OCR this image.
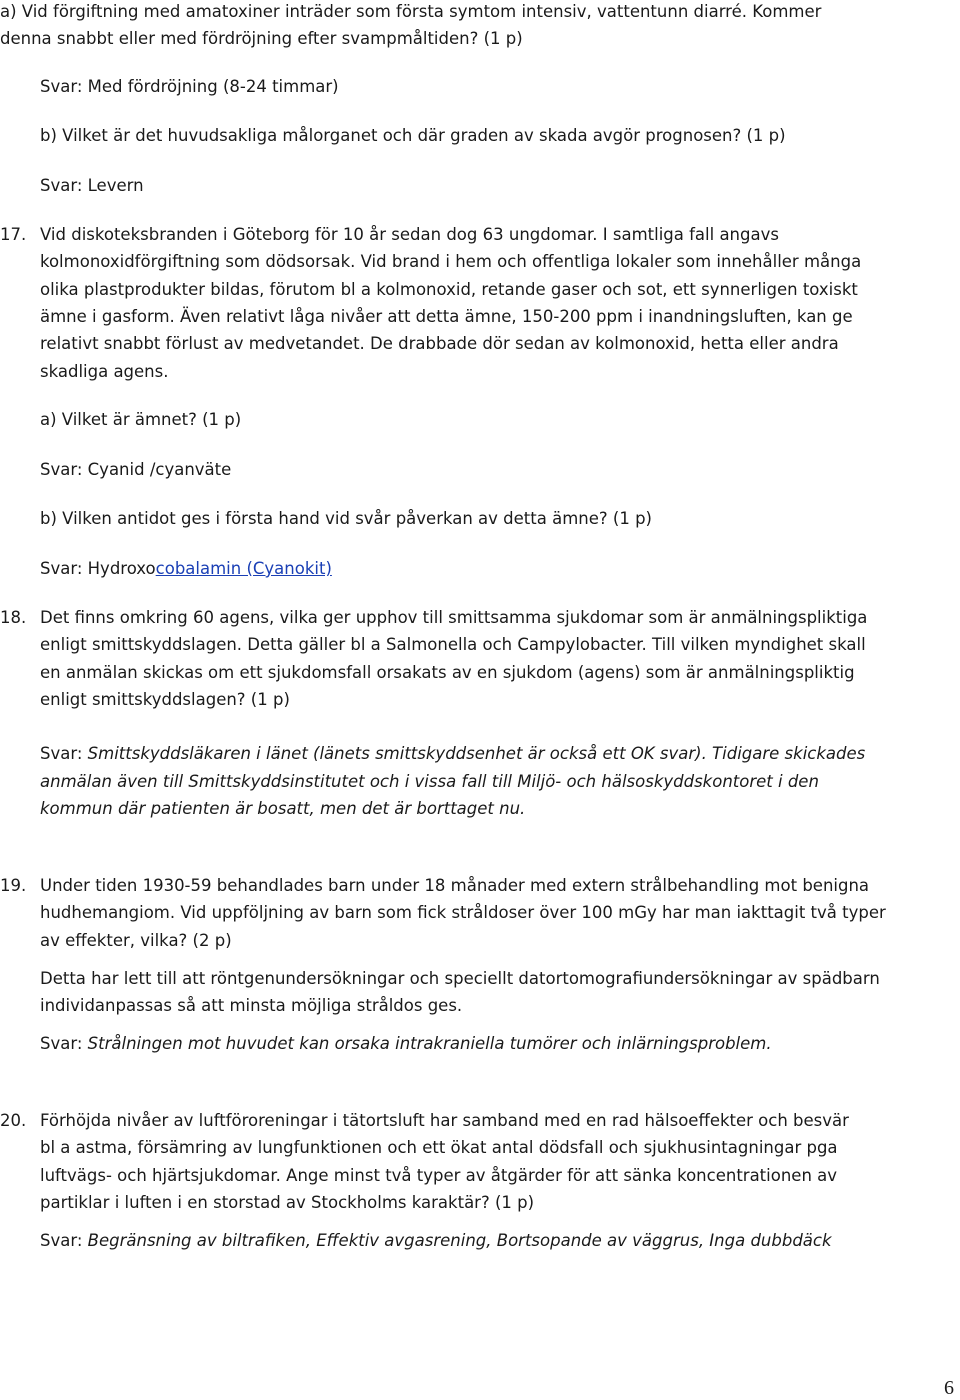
a) Vid förgiftning med amatoxiner inträder som första symtom intensiv, vattentunn diarré. Kommer
denna snabbt eller med fördröjning efter svampmåltiden? (1 p)
Svar: Med fördröjning (8-24 timmar)
b) Vilket är det huvudsakliga målorganet och där graden av skada avgör prognosen? (1 p)
Svar: Levern
17. Vid diskoteksbranden i Göteborg för 10 år sedan dog 63 ungdomar. I samtliga fall angavs
kolmonoxidförgiftning som dödsorsak. Vid brand i hem och offentliga lokaler som innehåller många
olika plastprodukter bildas, förutom bl a kolmonoxid, retande gaser och sot, ett synnerligen toxiskt
ämne i gasform. Även relativt låga nivåer att detta ämne, 150-200 ppm i inandningsluften, kan ge
relativt snabbt förlust av medvetandet. De drabbade dör sedan av kolmonoxid, hetta eller andra
skadliga agens.
a) Vilket är ämnet? (1 p)
Svar: Cyanid /cyanväte
b) Vilken antidot ges i första hand vid svår påverkan av detta ämne? (1 p)
Svar: Hydroxocobalamin (Cyanokit)
18. Det finns omkring 60 agens, vilka ger upphov till smittsamma sjukdomar som är anmälningspliktiga
enligt smittskyddslagen. Detta gäller bl a Salmonella och Campylobacter. Till vilken myndighet skall
en anmälan skickas om ett sjukdomsfall orsakats av en sjukdom (agens) som är anmälningspliktig
enligt smittskyddslagen? (1 p)
Svar: Smittskyddsläkaren i länet (länets smittskyddsenhet är också ett OK svar). Tidigare skickades
anmälan även till Smittskyddsinstitutet och i vissa fall till Miljö- och hälsoskyddskontoret i den
kommun där patienten är bosatt, men det är borttaget nu.
19. Under tiden 1930-59 behandlades barn under 18 månader med extern strålbehandling mot benigna
hudhemangiom. Vid uppföljning av barn som fick stråldoser över 100 mGy har man iakttagit två typer
av effekter, vilka? (2 p)
Detta har lett till att röntgenundersökningar och speciellt datortomografiundersökningar av spädbarn
individanpassas så att minsta möjliga stråldos ges.
Svar: Strålningen mot huvudet kan orsaka intrakraniella tumörer och inlärningsproblem.
20. Förhöjda nivåer av luftföroreningar i tätortsluft har samband med en rad hälsoeffekter och besvär
bl a astma, försämring av lungfunktionen och ett ökat antal dödsfall och sjukhusintagningar pga
luftvägs- och hjärtsjukdomar. Ange minst två typer av åtgärder för att sänka koncentrationen av
partiklar i luften i en storstad av Stockholms karaktär? (1 p)
Svar: Begränsning av biltrafiken, Effektiv avgasrening, Bortsopande av väggrus, Inga dubbdäck
6
